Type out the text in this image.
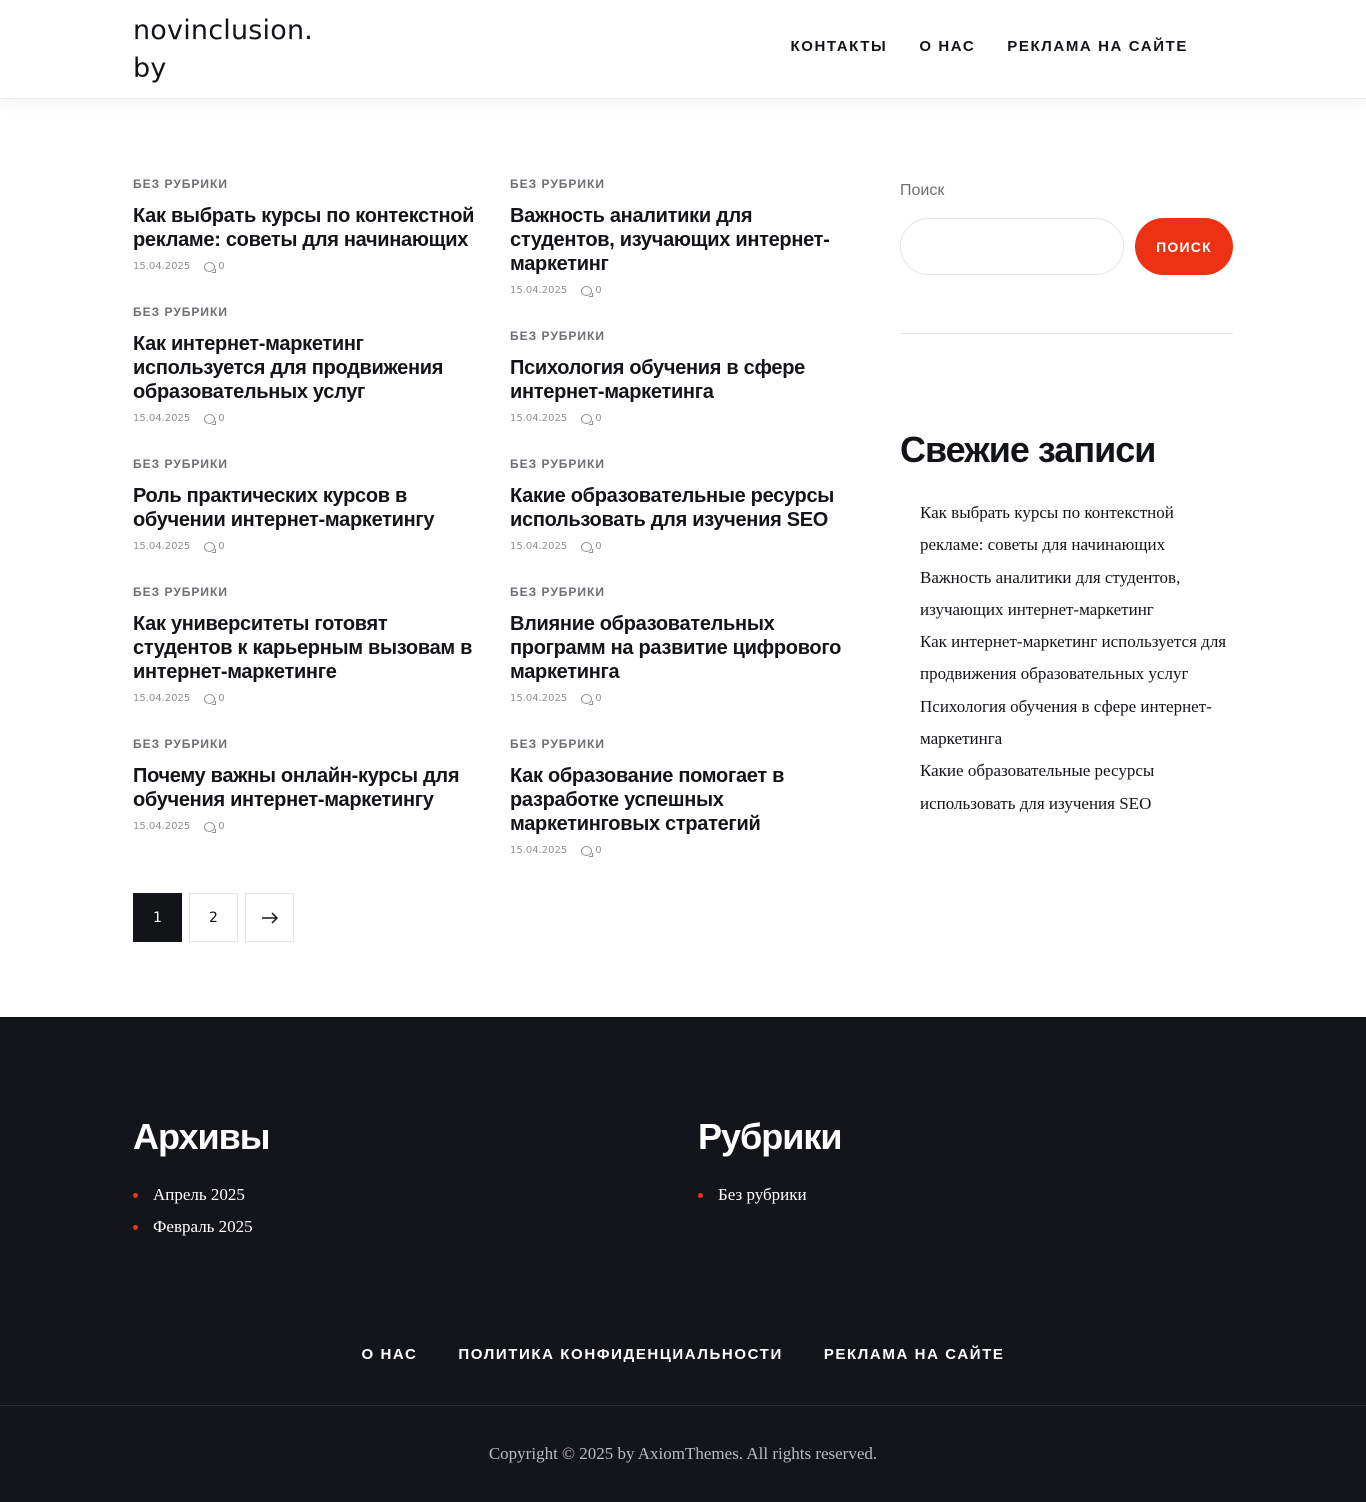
novinclusion.
by
КОНТАКТЫ О НАС РЕКЛАМА НА САЙТЕ
БЕЗ РУБРИКИ
Как выбрать курсы по контекстной рекламе: советы для начинающих
15.04.2025	0
БЕЗ РУБРИКИ
Как интернет-маркетинг используется для продвижения образовательных услуг
15.04.2025	0
БЕЗ РУБРИКИ
Роль практических курсов в обучении интернет-маркетингу
15.04.2025	0
БЕЗ РУБРИКИ
Как университеты готовят студентов к карьерным вызовам в интернет-маркетинге
15.04.2025	0
БЕЗ РУБРИКИ
Почему важны онлайн-курсы для обучения интернет-маркетингу
15.04.2025	0
БЕЗ РУБРИКИ
Важность аналитики для студентов, изучающих интернет-маркетинг
15.04.2025	0
БЕЗ РУБРИКИ
Психология обучения в сфере интернет-маркетинга
15.04.2025	0
БЕЗ РУБРИКИ
Какие образовательные ресурсы использовать для изучения SEO
15.04.2025	0
БЕЗ РУБРИКИ
Влияние образовательных программ на развитие цифрового маркетинга
15.04.2025	0
БЕЗ РУБРИКИ
Как образование помогает в разработке успешных маркетинговых стратегий
15.04.2025	0
1	2
Поиск
ПОИСК
Свежие записи
Как выбрать курсы по контекстной рекламе: советы для начинающих
Важность аналитики для студентов, изучающих интернет-маркетинг
Как интернет-маркетинг используется для продвижения образовательных услуг
Психология обучения в сфере интернет-маркетинга
Какие образовательные ресурсы использовать для изучения SEO
Архивы
Апрель 2025
Февраль 2025
Рубрики
Без рубрики
О НАС	ПОЛИТИКА КОНФИДЕНЦИАЛЬНОСТИ	РЕКЛАМА НА САЙТЕ
Copyright © 2025 by AxiomThemes. All rights reserved.
